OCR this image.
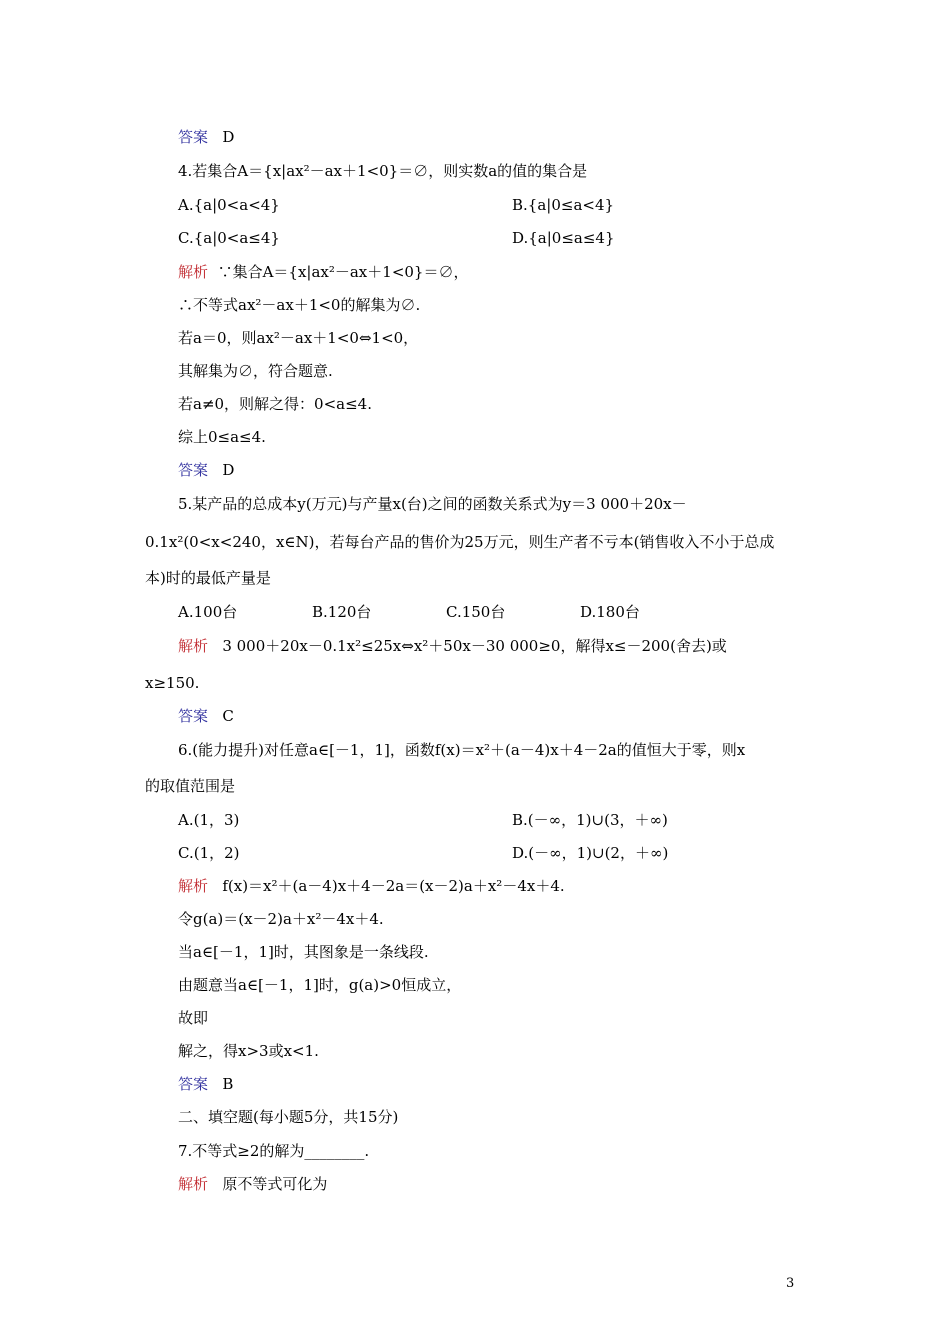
答案 D
4.若集合A＝{x|ax²－ax＋1<0}＝∅，则实数a的值的集合是
A.{a|0<a<4}	B.{a|0≤a<4}
C.{a|0<a≤4}	D.{a|0≤a≤4}
解析 ∵集合A＝{x|ax²－ax＋1<0}＝∅，
∴不等式ax²－ax＋1<0的解集为∅.
若a＝0，则ax²－ax＋1<0⇔1<0，
其解集为∅，符合题意.
若a≠0，则解之得：0<a≤4.
综上0≤a≤4.
答案 D
5.某产品的总成本y(万元)与产量x(台)之间的函数关系式为y＝3 000＋20x－
0.1x²(0<x<240，x∈N)，若每台产品的售价为25万元，则生产者不亏本(销售收入不小于总成
本)时的最低产量是
A.100台	B.120台	C.150台	D.180台
解析 3 000＋20x－0.1x²≤25x⇔x²＋50x－30 000≥0，解得x≤－200(舍去)或
x≥150.
答案 C
6.(能力提升)对任意a∈[－1，1]，函数f(x)＝x²＋(a－4)x＋4－2a的值恒大于零，则x
的取值范围是
A.(1，3)	B.(－∞，1)∪(3，＋∞)
C.(1，2)	D.(－∞，1)∪(2，＋∞)
解析 f(x)＝x²＋(a－4)x＋4－2a＝(x－2)a＋x²－4x＋4.
令g(a)＝(x－2)a＋x²－4x＋4.
当a∈[－1，1]时，其图象是一条线段.
由题意当a∈[－1，1]时，g(a)>0恒成立，
故即
解之，得x>3或x<1.
答案 B
二、填空题(每小题5分，共15分)
7.不等式≥2的解为________.
解析 原不等式可化为
3
